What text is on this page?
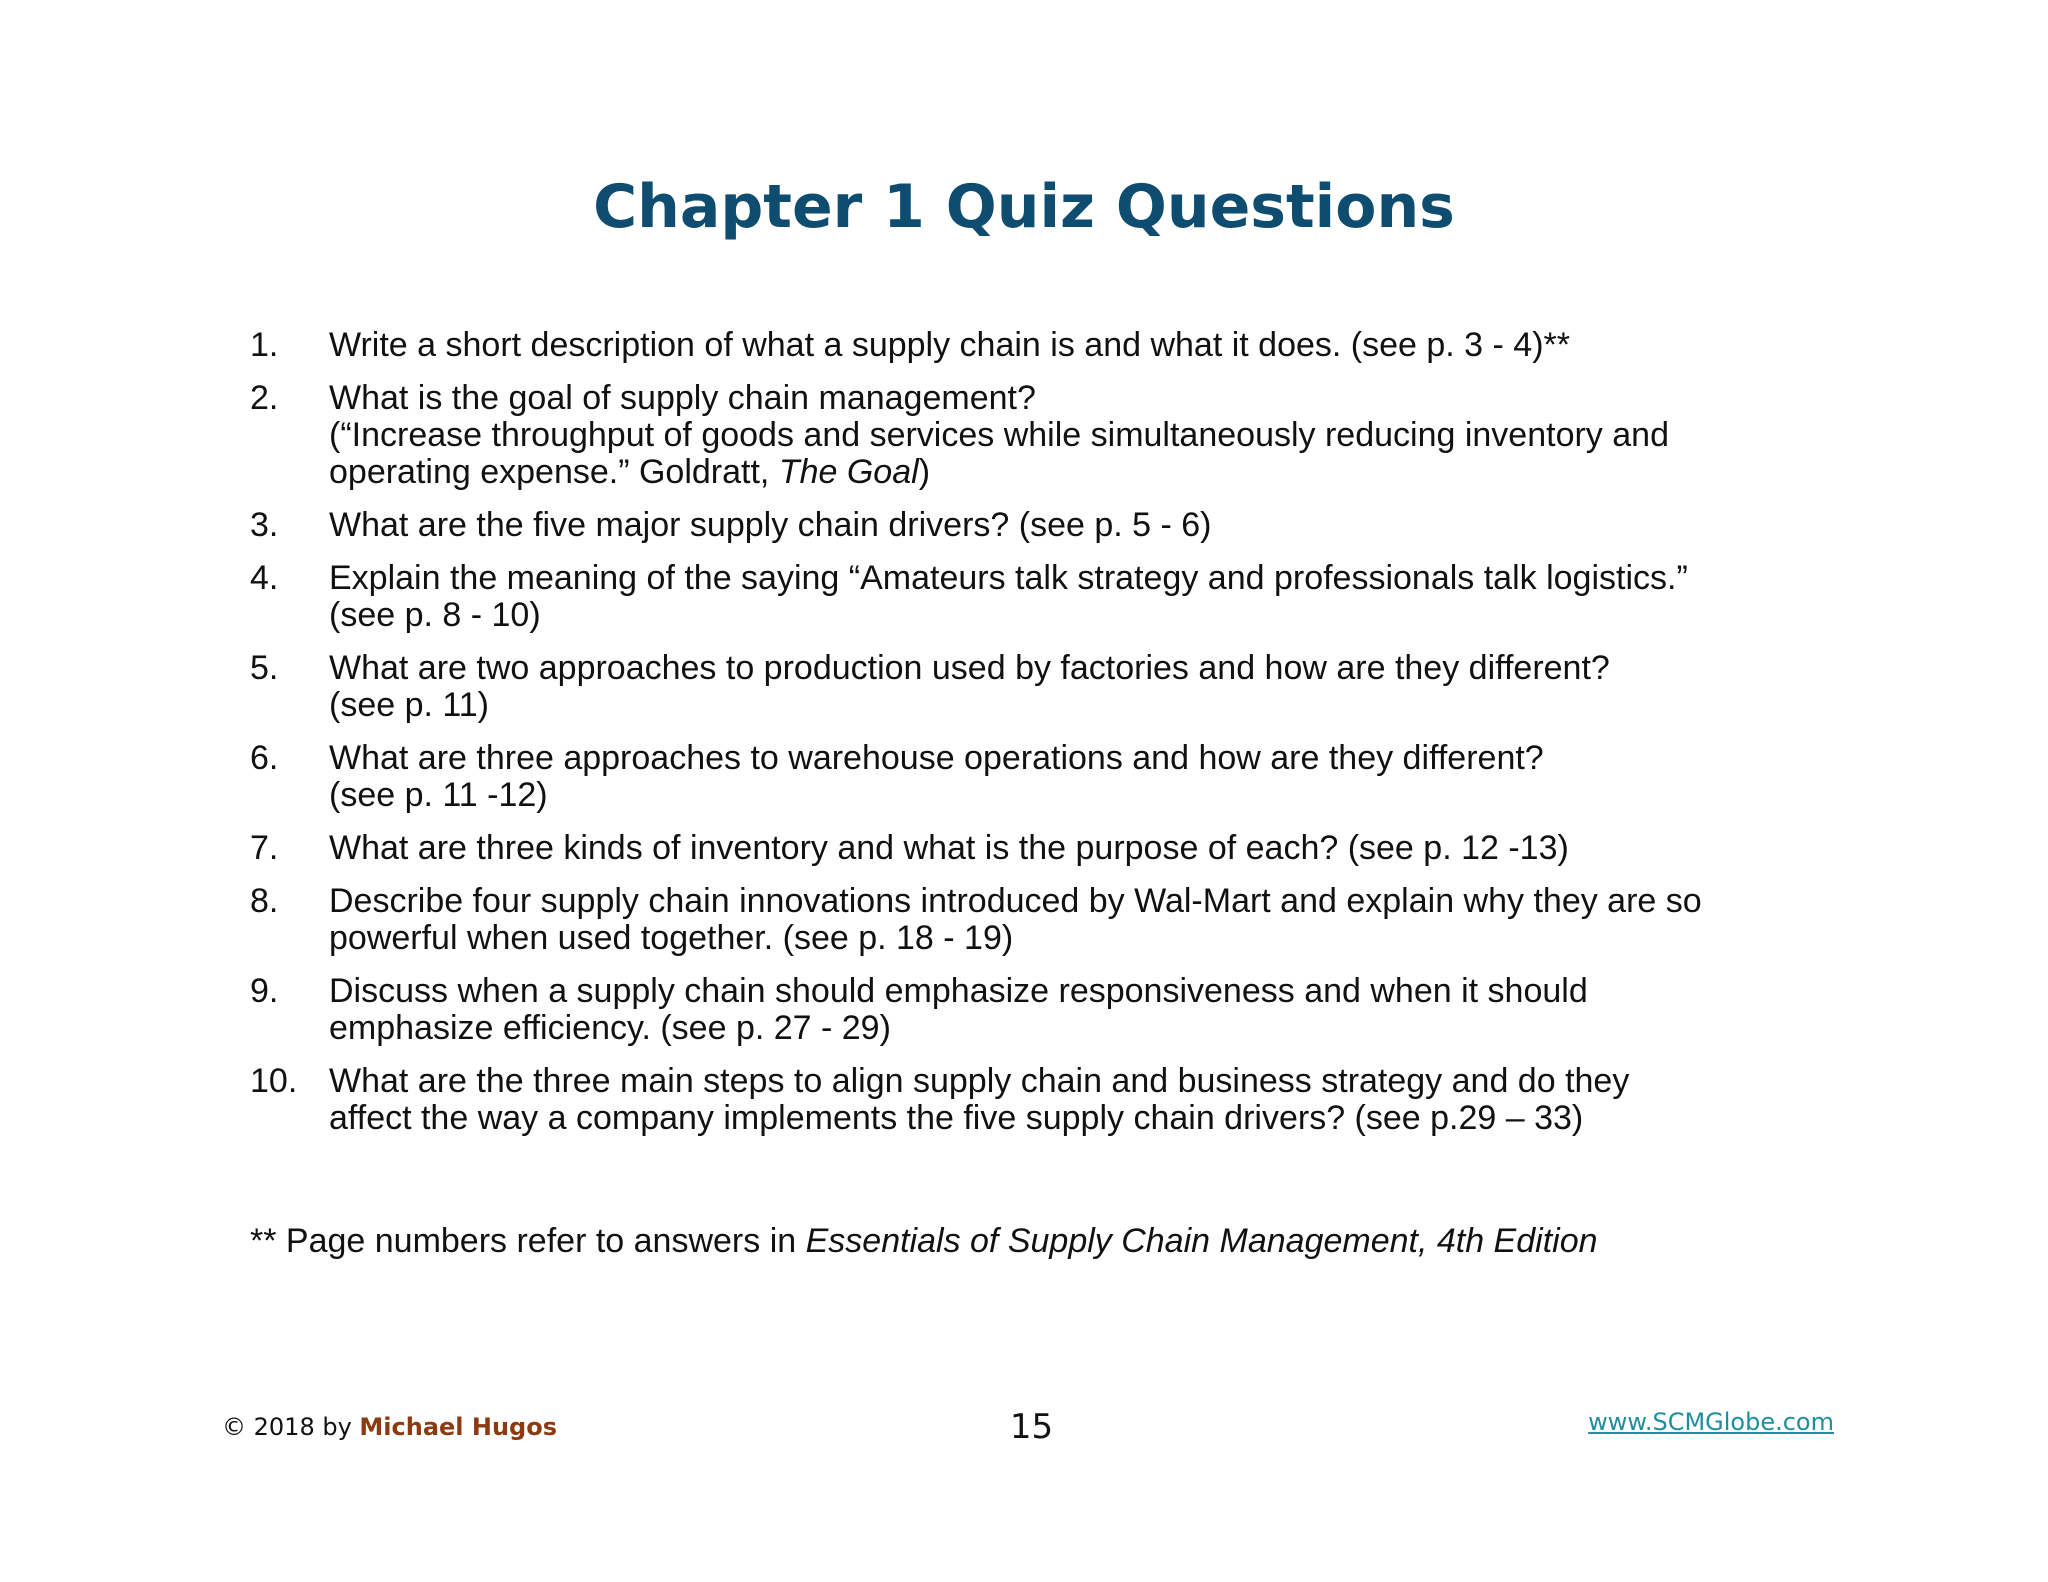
Chapter 1 Quiz Questions
1.	Write a short description of what a supply chain is and what it does. (see p. 3 - 4)**
2.	What is the goal of supply chain management?
(“Increase throughput of goods and services while simultaneously reducing inventory and
operating expense.” Goldratt, The Goal)
3.	What are the five major supply chain drivers? (see p. 5 - 6)
4.	Explain the meaning of the saying “Amateurs talk strategy and professionals talk logistics.”
(see p. 8 - 10)
5.	What are two approaches to production used by factories and how are they different?
(see p. 11)
6.	What are three approaches to warehouse operations and how are they different?
(see p. 11 -12)
7.	What are three kinds of inventory and what is the purpose of each? (see p. 12 -13)
8.	Describe four supply chain innovations introduced by Wal-Mart and explain why they are so
powerful when used together. (see p. 18 - 19)
9.	Discuss when a supply chain should emphasize responsiveness and when it should
emphasize efficiency. (see p. 27 - 29)
10. What are the three main steps to align supply chain and business strategy and do they
affect the way a company implements the five supply chain drivers? (see p.29 – 33)
** Page numbers refer to answers in Essentials of Supply Chain Management, 4th Edition
© 2018 by Michael Hugos	15	www.SCMGlobe.com
